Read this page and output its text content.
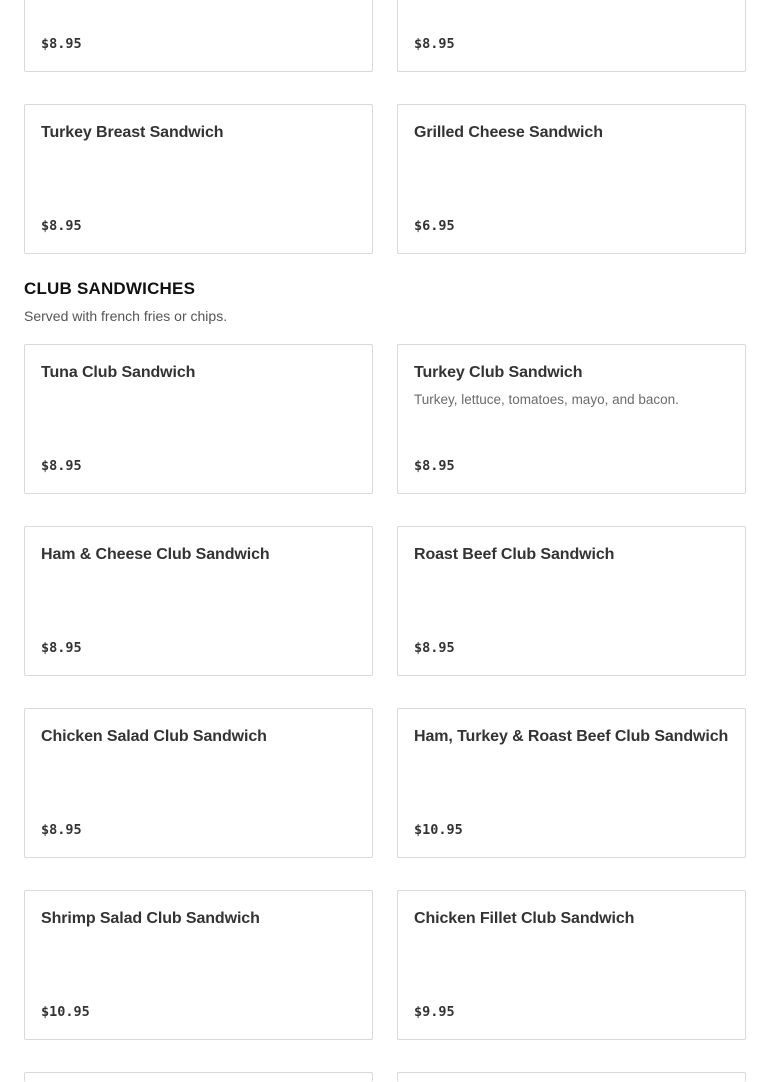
$8.95	$8.95
Turkey Breast Sandwich
$8.95
Grilled Cheese Sandwich
$6.95
CLUB SANDWICHES

Served with french fries or chips.

Tuna Club Sandwich
$8.95
Turkey Club Sandwich
Turkey, lettuce, tomatoes, mayo, and bacon.
$8.95
Ham & Cheese Club Sandwich
$8.95
Roast Beef Club Sandwich
$8.95
Chicken Salad Club Sandwich
$8.95
Ham, Turkey & Roast Beef Club Sandwich
$10.95
Shrimp Salad Club Sandwich
$10.95
Chicken Fillet Club Sandwich
$9.95
